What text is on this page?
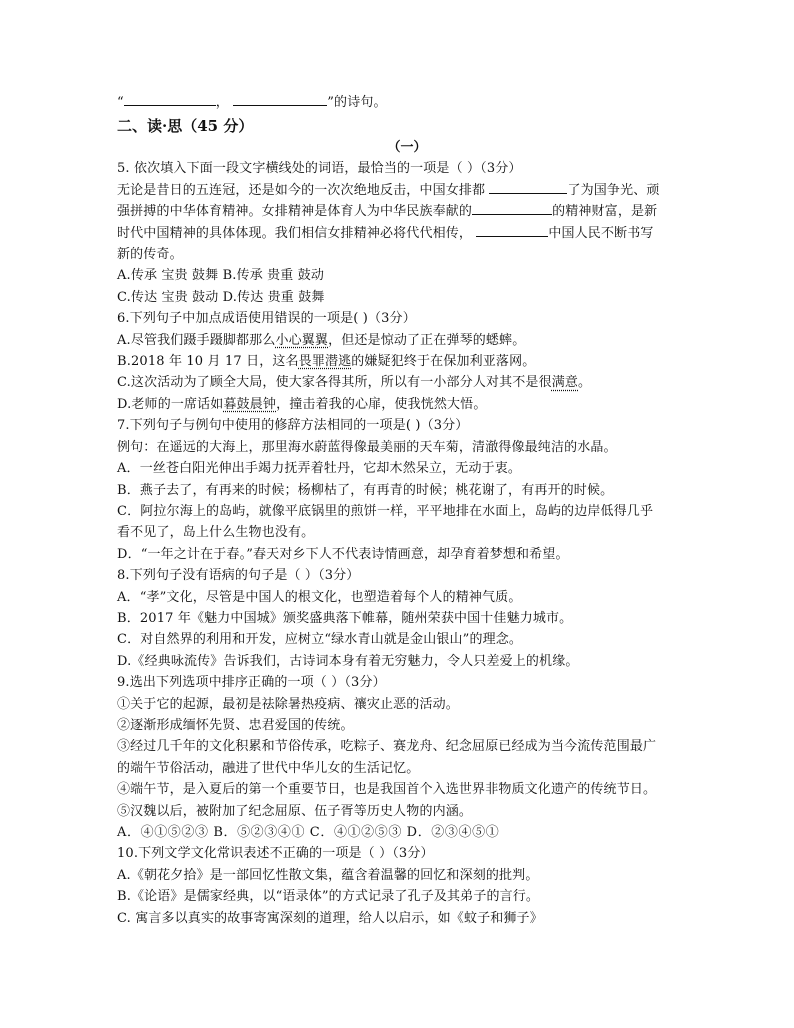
“	，	”的诗句。
二、读·思（45 分）
（一）
5. 依次填入下面一段文字横线处的词语，最恰当的一项是（ ）（3分）
无论是昔日的五连冠，还是如今的一次次绝地反击，中国女排都	了为国争光、顽
强拼搏的中华体育精神。女排精神是体育人为中华民族奉献的	的精神财富，是新
时代中国精神的具体体现。我们相信女排精神必将代代相传，	中国人民不断书写
新的传奇。
A.传承 宝贵 鼓舞 B.传承 贵重 鼓动
C.传达 宝贵 鼓动 D.传达 贵重 鼓舞
6.下列句子中加点成语使用错误的一项是( )（3分）
A.尽管我们蹑手蹑脚都那么小心翼翼，但还是惊动了正在弹琴的蟋蟀。
B.2018 年 10 月 17 日，这名畏罪潜逃的嫌疑犯终于在保加利亚落网。
C.这次活动为了顾全大局，使大家各得其所，所以有一小部分人对其不是很满意。
D.老师的一席话如暮鼓晨钟，撞击着我的心扉，使我恍然大悟。
7.下列句子与例句中使用的修辞方法相同的一项是( )（3分）
例句：在遥远的大海上，那里海水蔚蓝得像最美丽的天车菊，清澈得像最纯洁的水晶。
A．一丝苍白阳光伸出手竭力抚弄着牡丹，它却木然呆立，无动于衷。
B．燕子去了，有再来的时候；杨柳枯了，有再青的时候；桃花谢了，有再开的时候。
C．阿拉尔海上的岛屿，就像平底锅里的煎饼一样，平平地排在水面上，岛屿的边岸低得几乎
看不见了，岛上什么生物也没有。
D．“一年之计在于春。”春天对乡下人不代表诗情画意，却孕育着梦想和希望。
8.下列句子没有语病的句子是（ ）（3分）
A．“孝”文化，尽管是中国人的根文化，也塑造着每个人的精神气质。
B．2017 年《魅力中国城》颁奖盛典落下帷幕，随州荣获中国十佳魅力城市。
C．对自然界的利用和开发，应树立“绿水青山就是金山银山”的理念。
D.《经典咏流传》告诉我们，古诗词本身有着无穷魅力，令人只差爱上的机缘。
9.选出下列选项中排序正确的一项（ ）（3分）
①关于它的起源，最初是祛除暑热疫病、禳灾止恶的活动。
②逐渐形成缅怀先贤、忠君爱国的传统。
③经过几千年的文化积累和节俗传承，吃粽子、赛龙舟、纪念屈原已经成为当今流传范围最广
的端午节俗活动，融进了世代中华儿女的生活记忆。
④端午节，是入夏后的第一个重要节日，也是我国首个入选世界非物质文化遗产的传统节日。
⑤汉魏以后，被附加了纪念屈原、伍子胥等历史人物的内涵。
A．④①⑤②③ B．⑤②③④① C．④①②⑤③ D．②③④⑤①
10.下列文学文化常识表述不正确的一项是（ ）（3分）
A.《朝花夕拾》是一部回忆性散文集，蕴含着温馨的回忆和深刻的批判。
B.《论语》是儒家经典，以“语录体”的方式记录了孔子及其弟子的言行。
C. 寓言多以真实的故事寄寓深刻的道理，给人以启示，如《蚊子和狮子》
